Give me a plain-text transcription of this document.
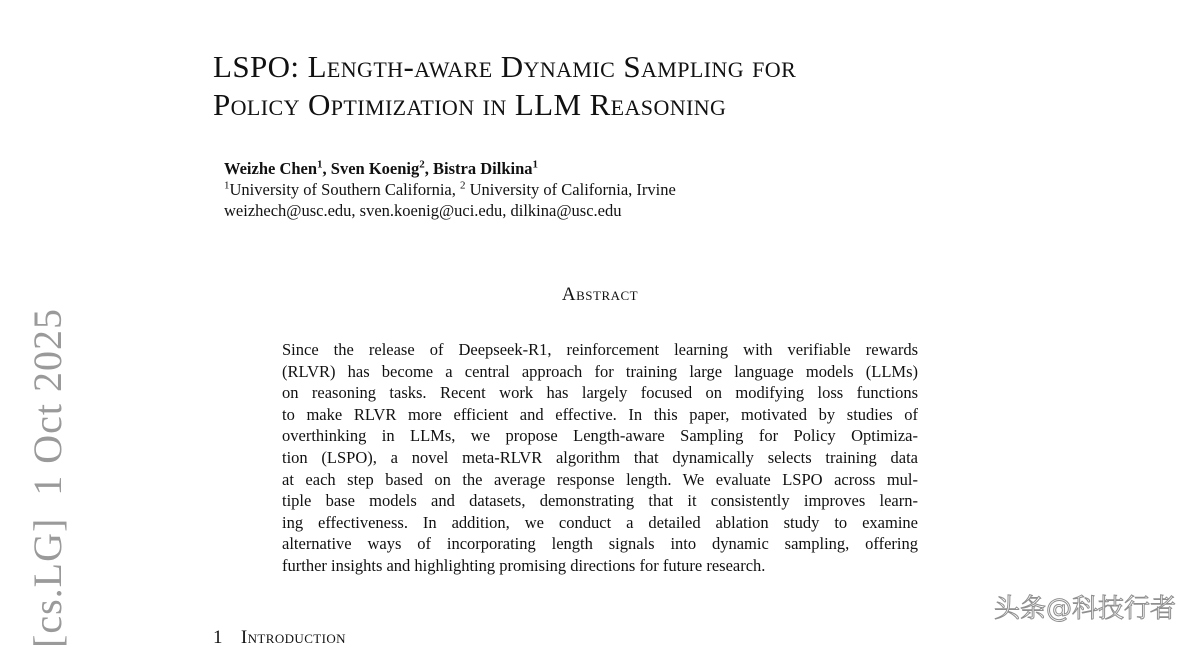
LSPO: Length-aware Dynamic Sampling for
Policy Optimization in LLM Reasoning
Weizhe Chen$^1$, Sven Koenig$^2$, Bistra Dilkina$^1$
$^1$University of Southern California, $^2$ University of California, Irvine
weizhech@usc.edu, sven.koenig@uci.edu, dilkina@usc.edu
Abstract
Since the release of Deepseek-R1, reinforcement learning with verifiable rewards
(RLVR) has become a central approach for training large language models (LLMs)
on reasoning tasks. Recent work has largely focused on modifying loss functions
to make RLVR more efficient and effective. In this paper, motivated by studies of
overthinking in LLMs, we propose Length-aware Sampling for Policy Optimiza-
tion (LSPO), a novel meta-RLVR algorithm that dynamically selects training data
at each step based on the average response length. We evaluate LSPO across mul-
tiple base models and datasets, demonstrating that it consistently improves learn-
ing effectiveness. In addition, we conduct a detailed ablation study to examine
alternative ways of incorporating length signals into dynamic sampling, offering
further insights and highlighting promising directions for future research.
1 Introduction
[cs.LG]1 Oct 2025
头条@科技行者
